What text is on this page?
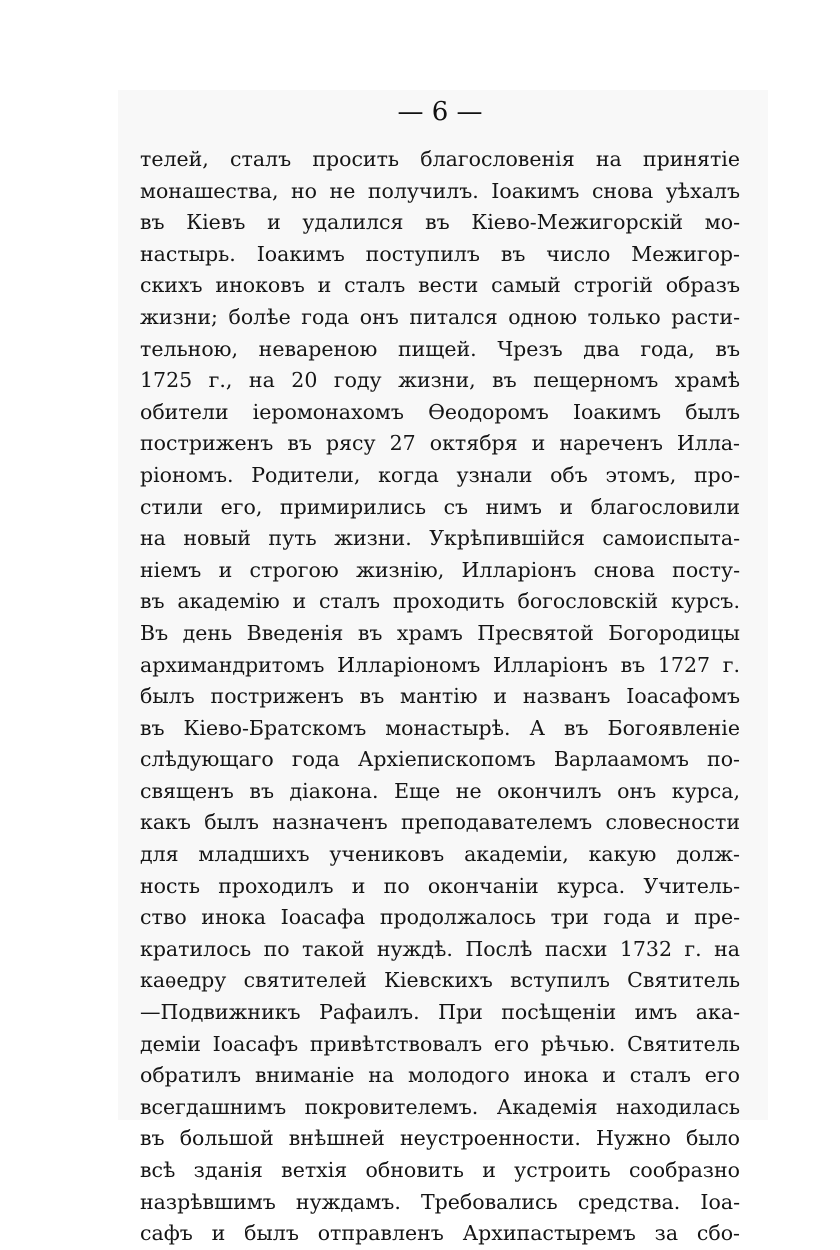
— 6 —
телей, сталъ просить благословенія на принятіе
монашества, но не получилъ. Іоакимъ снова уѣхалъ
въ Кіевъ и удалился въ Кіево-Межигорскій мо-
настырь. Іоакимъ поступилъ въ число Межигор-
скихъ иноковъ и сталъ вести самый строгій образъ
жизни; болѣе года онъ питался одною только расти-
тельною, невареною пищей. Чрезъ два года, въ
1725 г., на 20 году жизни, въ пещерномъ храмѣ
обители іеромонахомъ Ѳеодоромъ Іоакимъ былъ
постриженъ въ рясу 27 октября и нареченъ Илла-
ріономъ. Родители, когда узнали объ этомъ, про-
стили его, примирились съ нимъ и благословили
на новый путь жизни. Укрѣпившійся самоиспыта-
ніемъ и строгою жизнію, Илларіонъ снова посту-
въ академію и сталъ проходить богословскій курсъ.
Въ день Введенія въ храмъ Пресвятой Богородицы
архимандритомъ Илларіономъ Илларіонъ въ 1727 г.
былъ постриженъ въ мантію и названъ Іоасафомъ
въ Кіево-Братскомъ монастырѣ. А въ Богоявленіе
слѣдующаго года Архіепископомъ Варлаамомъ по-
священъ въ діакона. Еще не окончилъ онъ курса,
какъ былъ назначенъ преподавателемъ словесности
для младшихъ учениковъ академіи, какую долж-
ность проходилъ и по окончаніи курса. Учитель-
ство инока Іоасафа продолжалось три года и пре-
кратилось по такой нуждѣ. Послѣ пасхи 1732 г. на
каѳедру святителей Кіевскихъ вступилъ Святитель
—Подвижникъ Рафаилъ. При посѣщеніи имъ ака-
деміи Іоасафъ привѣтствовалъ его рѣчью. Святитель
обратилъ вниманіе на молодого инока и сталъ его
всегдашнимъ покровителемъ. Академія находилась
въ большой внѣшней неустроенности. Нужно было
всѣ зданія ветхія обновить и устроить сообразно
назрѣвшимъ нуждамъ. Требовались средства. Іоа-
сафъ и былъ отправленъ Архипастыремъ за сбо-
